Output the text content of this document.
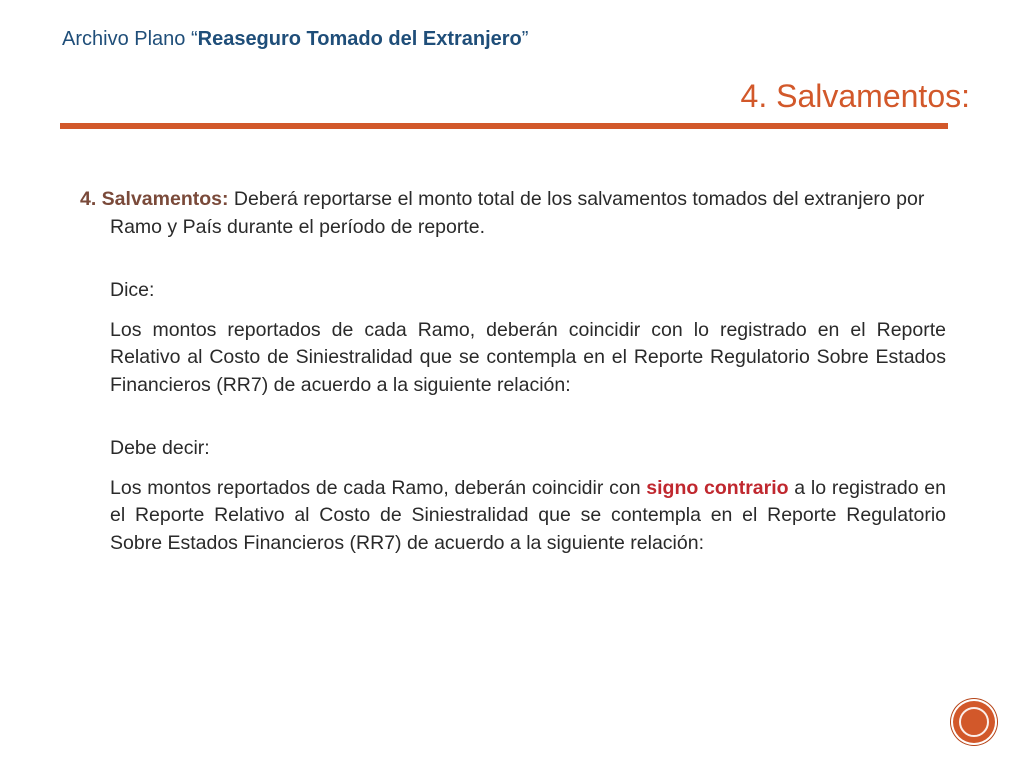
Archivo Plano “Reaseguro Tomado del Extranjero”
4. Salvamentos:

4. Salvamentos: Deberá reportarse el monto total de los salvamentos tomados del extranjero por Ramo y País durante el período de reporte.

Dice:

Los montos reportados de cada Ramo, deberán coincidir con lo registrado en el Reporte Relativo al Costo de Siniestralidad que se contempla en el Reporte Regulatorio Sobre Estados Financieros (RR7) de acuerdo a la siguiente relación:

Debe decir:

Los montos reportados de cada Ramo, deberán coincidir con signo contrario a lo registrado en el Reporte Relativo al Costo de Siniestralidad que se contempla en el Reporte Regulatorio Sobre Estados Financieros (RR7) de acuerdo a la siguiente relación:
